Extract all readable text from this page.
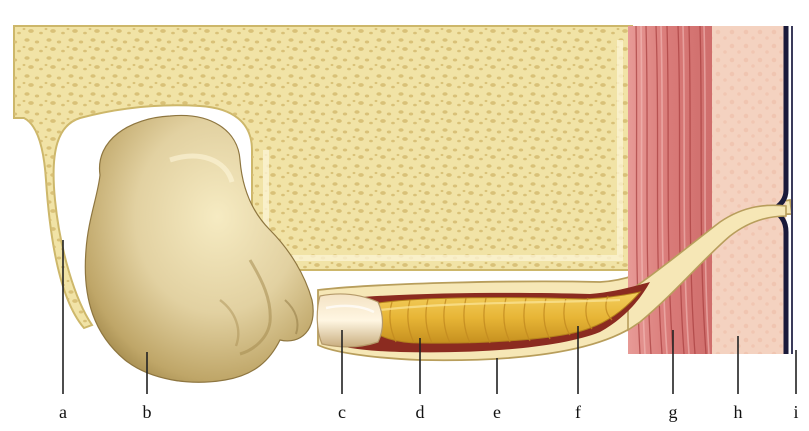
a	b	c	d	e	f	g	h	i
